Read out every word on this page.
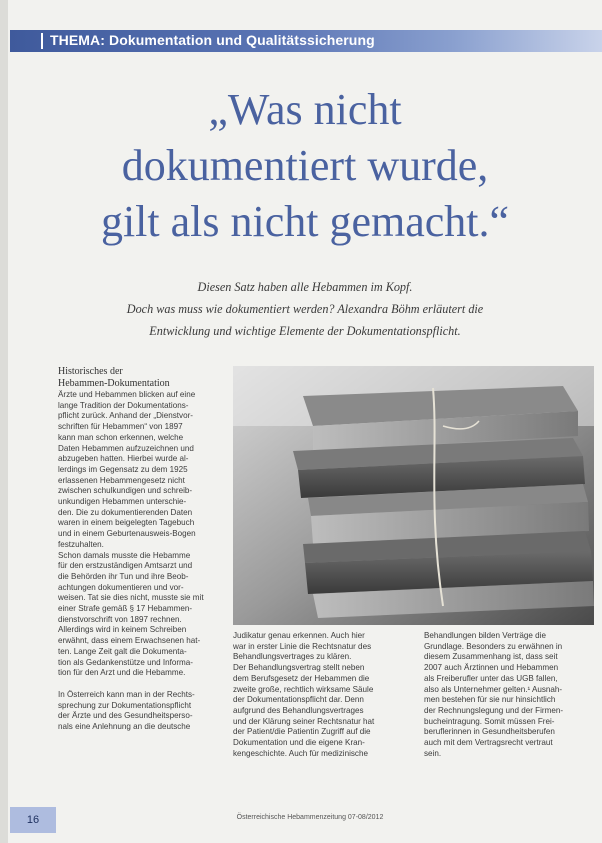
THEMA: Dokumentation und Qualitätssicherung
„Was nicht
dokumentiert wurde,
gilt als nicht gemacht.“
Diesen Satz haben alle Hebammen im Kopf.
Doch was muss wie dokumentiert werden? Alexandra Böhm erläutert die
Entwicklung und wichtige Elemente der Dokumentationspflicht.
Historisches der
Hebammen-Dokumentation
Ärzte und Hebammen blicken auf eine
lange Tradition der Dokumentations-
pflicht zurück. Anhand der „Dienstvor-
schriften für Hebammen“ von 1897
kann man schon erkennen, welche
Daten Hebammen aufzuzeichnen und
abzugeben hatten. Hierbei wurde al-
lerdings im Gegensatz zu dem 1925
erlassenen Hebammengesetz nicht
zwischen schulkundigen und schreib-
unkundigen Hebammen unterschie-
den. Die zu dokumentierenden Daten
waren in einem beigelegten Tagebuch
und in einem Geburtenausweis-Bogen
festzuhalten.
Schon damals musste die Hebamme
für den erstzuständigen Amtsarzt und
die Behörden ihr Tun und ihre Beob-
achtungen dokumentieren und vor-
weisen. Tat sie dies nicht, musste sie mit
einer Strafe gemäß § 17 Hebammen-
dienstvorschrift von 1897 rechnen.
Allerdings wird in keinem Schreiben
erwähnt, dass einem Erwachsenen hat-
ten. Lange Zeit galt die Dokumenta-
tion als Gedankenstütze und Informa-
tion für den Arzt und die Hebamme.
In Österreich kann man in der Rechts-
sprechung zur Dokumentationspflicht
der Ärzte und des Gesundheitsperso-
nals eine Anlehnung an die deutsche
Judikatur genau erkennen. Auch hier
war in erster Linie die Rechtsnatur des
Behandlungsvertrages zu klären.
Der Behandlungsvertrag stellt neben
dem Berufsgesetz der Hebammen die
zweite große, rechtlich wirksame Säule
der Dokumentationspflicht dar. Denn
aufgrund des Behandlungsvertrages
und der Klärung seiner Rechtsnatur hat
der Patient/die Patientin Zugriff auf die
Dokumentation und die eigene Kran-
kengeschichte. Auch für medizinische
Behandlungen bilden Verträge die
Grundlage. Besonders zu erwähnen in
diesem Zusammenhang ist, dass seit
2007 auch Ärztinnen und Hebammen
als Freiberufler unter das UGB fallen,
also als Unternehmer gelten.¹ Ausnah-
men bestehen für sie nur hinsichtlich
der Rechnungslegung und der Firmen-
bucheintragung. Somit müssen Frei-
beruflerinnen in Gesundheitsberufen
auch mit dem Vertragsrecht vertraut
sein.
16	Österreichische Hebammenzeitung 07-08/2012
